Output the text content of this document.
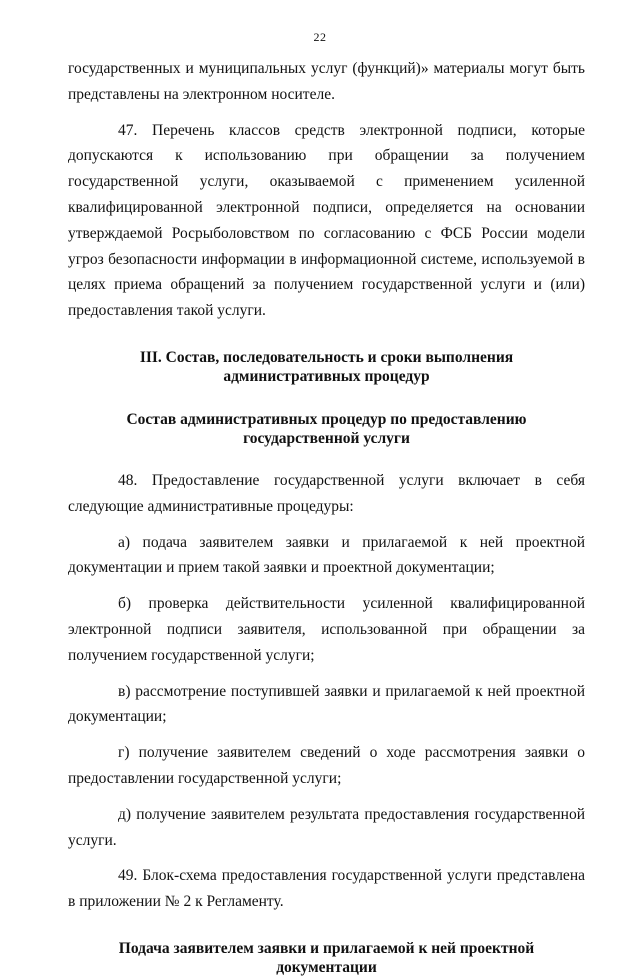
22

государственных и муниципальных услуг (функций)» материалы могут быть представлены на электронном носителе.

47. Перечень классов средств электронной подписи, которые допускаются к использованию при обращении за получением государственной услуги, оказываемой с применением усиленной квалифицированной электронной подписи, определяется на основании утверждаемой Росрыболовством по согласованию с ФСБ России модели угроз безопасности информации в информационной системе, используемой в целях приема обращений за получением государственной услуги и (или) предоставления такой услуги.

III. Состав, последовательность и сроки выполнения
административных процедур
Состав административных процедур по предоставлению
государственной услуги

48. Предоставление государственной услуги включает в себя следующие административные процедуры:

а) подача заявителем заявки и прилагаемой к ней проектной документации и прием такой заявки и проектной документации;

б) проверка действительности усиленной квалифицированной электронной подписи заявителя, использованной при обращении за получением государственной услуги;

в) рассмотрение поступившей заявки и прилагаемой к ней проектной документации;

г) получение заявителем сведений о ходе рассмотрения заявки о предоставлении государственной услуги;

д) получение заявителем результата предоставления государственной услуги.

49. Блок-схема предоставления государственной услуги представлена в приложении № 2 к Регламенту.

Подача заявителем заявки и прилагаемой к ней проектной документации
